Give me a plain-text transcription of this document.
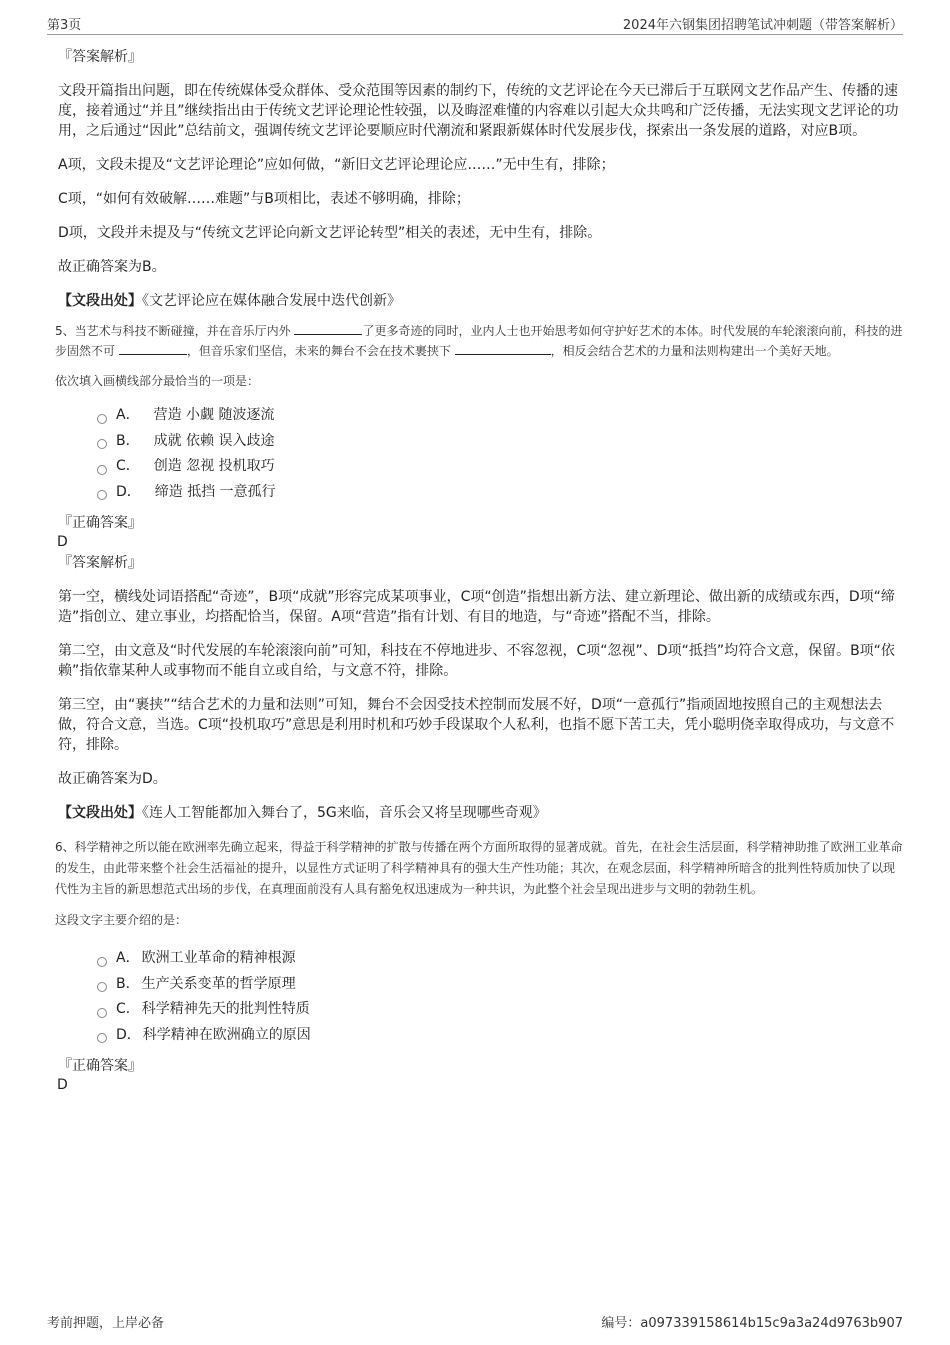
第3页	2024年六钢集团招聘笔试冲刺题（带答案解析）
『答案解析』
文段开篇指出问题，即在传统媒体受众群体、受众范围等因素的制约下，传统的文艺评论在今天已滞后于互联网文艺作品产生、传播的速度，接着通过“并且”继续指出由于传统文艺评论理论性较强，以及晦涩难懂的内容难以引起大众共鸣和广泛传播，无法实现文艺评论的功用，之后通过“因此”总结前文，强调传统文艺评论要顺应时代潮流和紧跟新媒体时代发展步伐，探索出一条发展的道路，对应B项。
A项，文段未提及“文艺评论理论”应如何做，“新旧文艺评论理论应……”无中生有，排除；
C项，“如何有效破解……难题”与B项相比，表述不够明确，排除；
D项，文段并未提及与“传统文艺评论向新文艺评论转型”相关的表述，无中生有，排除。
故正确答案为B。
【文段出处】《文艺评论应在媒体融合发展中迭代创新》
5、当艺术与科技不断碰撞，并在音乐厅内外	了更多奇迹的同时，业内人士也开始思考如何守护好艺术的本体。时代发展的车轮滚滚向前，科技的进步固然不可	，但音乐家们坚信，未来的舞台不会在技术裹挟下	，相反会结合艺术的力量和法则构建出一个美好天地。
依次填入画横线部分最恰当的一项是：
A． 营造 小觑 随波逐流
B． 成就 依赖 误入歧途
C． 创造 忽视 投机取巧
D． 缔造 抵挡 一意孤行
『正确答案』
D
『答案解析』
第一空，横线处词语搭配“奇迹”，B项“成就”形容完成某项事业，C项“创造”指想出新方法、建立新理论、做出新的成绩或东西，D项“缔造”指创立、建立事业，均搭配恰当，保留。A项“营造”指有计划、有目的地造，与“奇迹”搭配不当，排除。
第二空，由文意及“时代发展的车轮滚滚向前”可知，科技在不停地进步、不容忽视，C项“忽视”、D项“抵挡”均符合文意，保留。B项“依赖”指依靠某种人或事物而不能自立或自给，与文意不符，排除。
第三空，由“裹挟”“结合艺术的力量和法则”可知，舞台不会因受技术控制而发展不好，D项“一意孤行”指顽固地按照自己的主观想法去做，符合文意，当选。C项“投机取巧”意思是利用时机和巧妙手段谋取个人私利，也指不愿下苦工夫，凭小聪明侥幸取得成功，与文意不符，排除。
故正确答案为D。
【文段出处】《连人工智能都加入舞台了，5G来临，音乐会又将呈现哪些奇观》
6、科学精神之所以能在欧洲率先确立起来，得益于科学精神的扩散与传播在两个方面所取得的显著成就。首先，在社会生活层面，科学精神助推了欧洲工业革命的发生，由此带来整个社会生活福祉的提升，以显性方式证明了科学精神具有的强大生产性功能；其次，在观念层面，科学精神所暗含的批判性特质加快了以现代性为主旨的新思想范式出场的步伐，在真理面前没有人具有豁免权迅速成为一种共识，为此整个社会呈现出进步与文明的勃勃生机。
这段文字主要介绍的是：
A． 欧洲工业革命的精神根源
B． 生产关系变革的哲学原理
C． 科学精神先天的批判性特质
D． 科学精神在欧洲确立的原因
『正确答案』
D
考前押题，上岸必备	编号：a097339158614b15c9a3a24d9763b907
